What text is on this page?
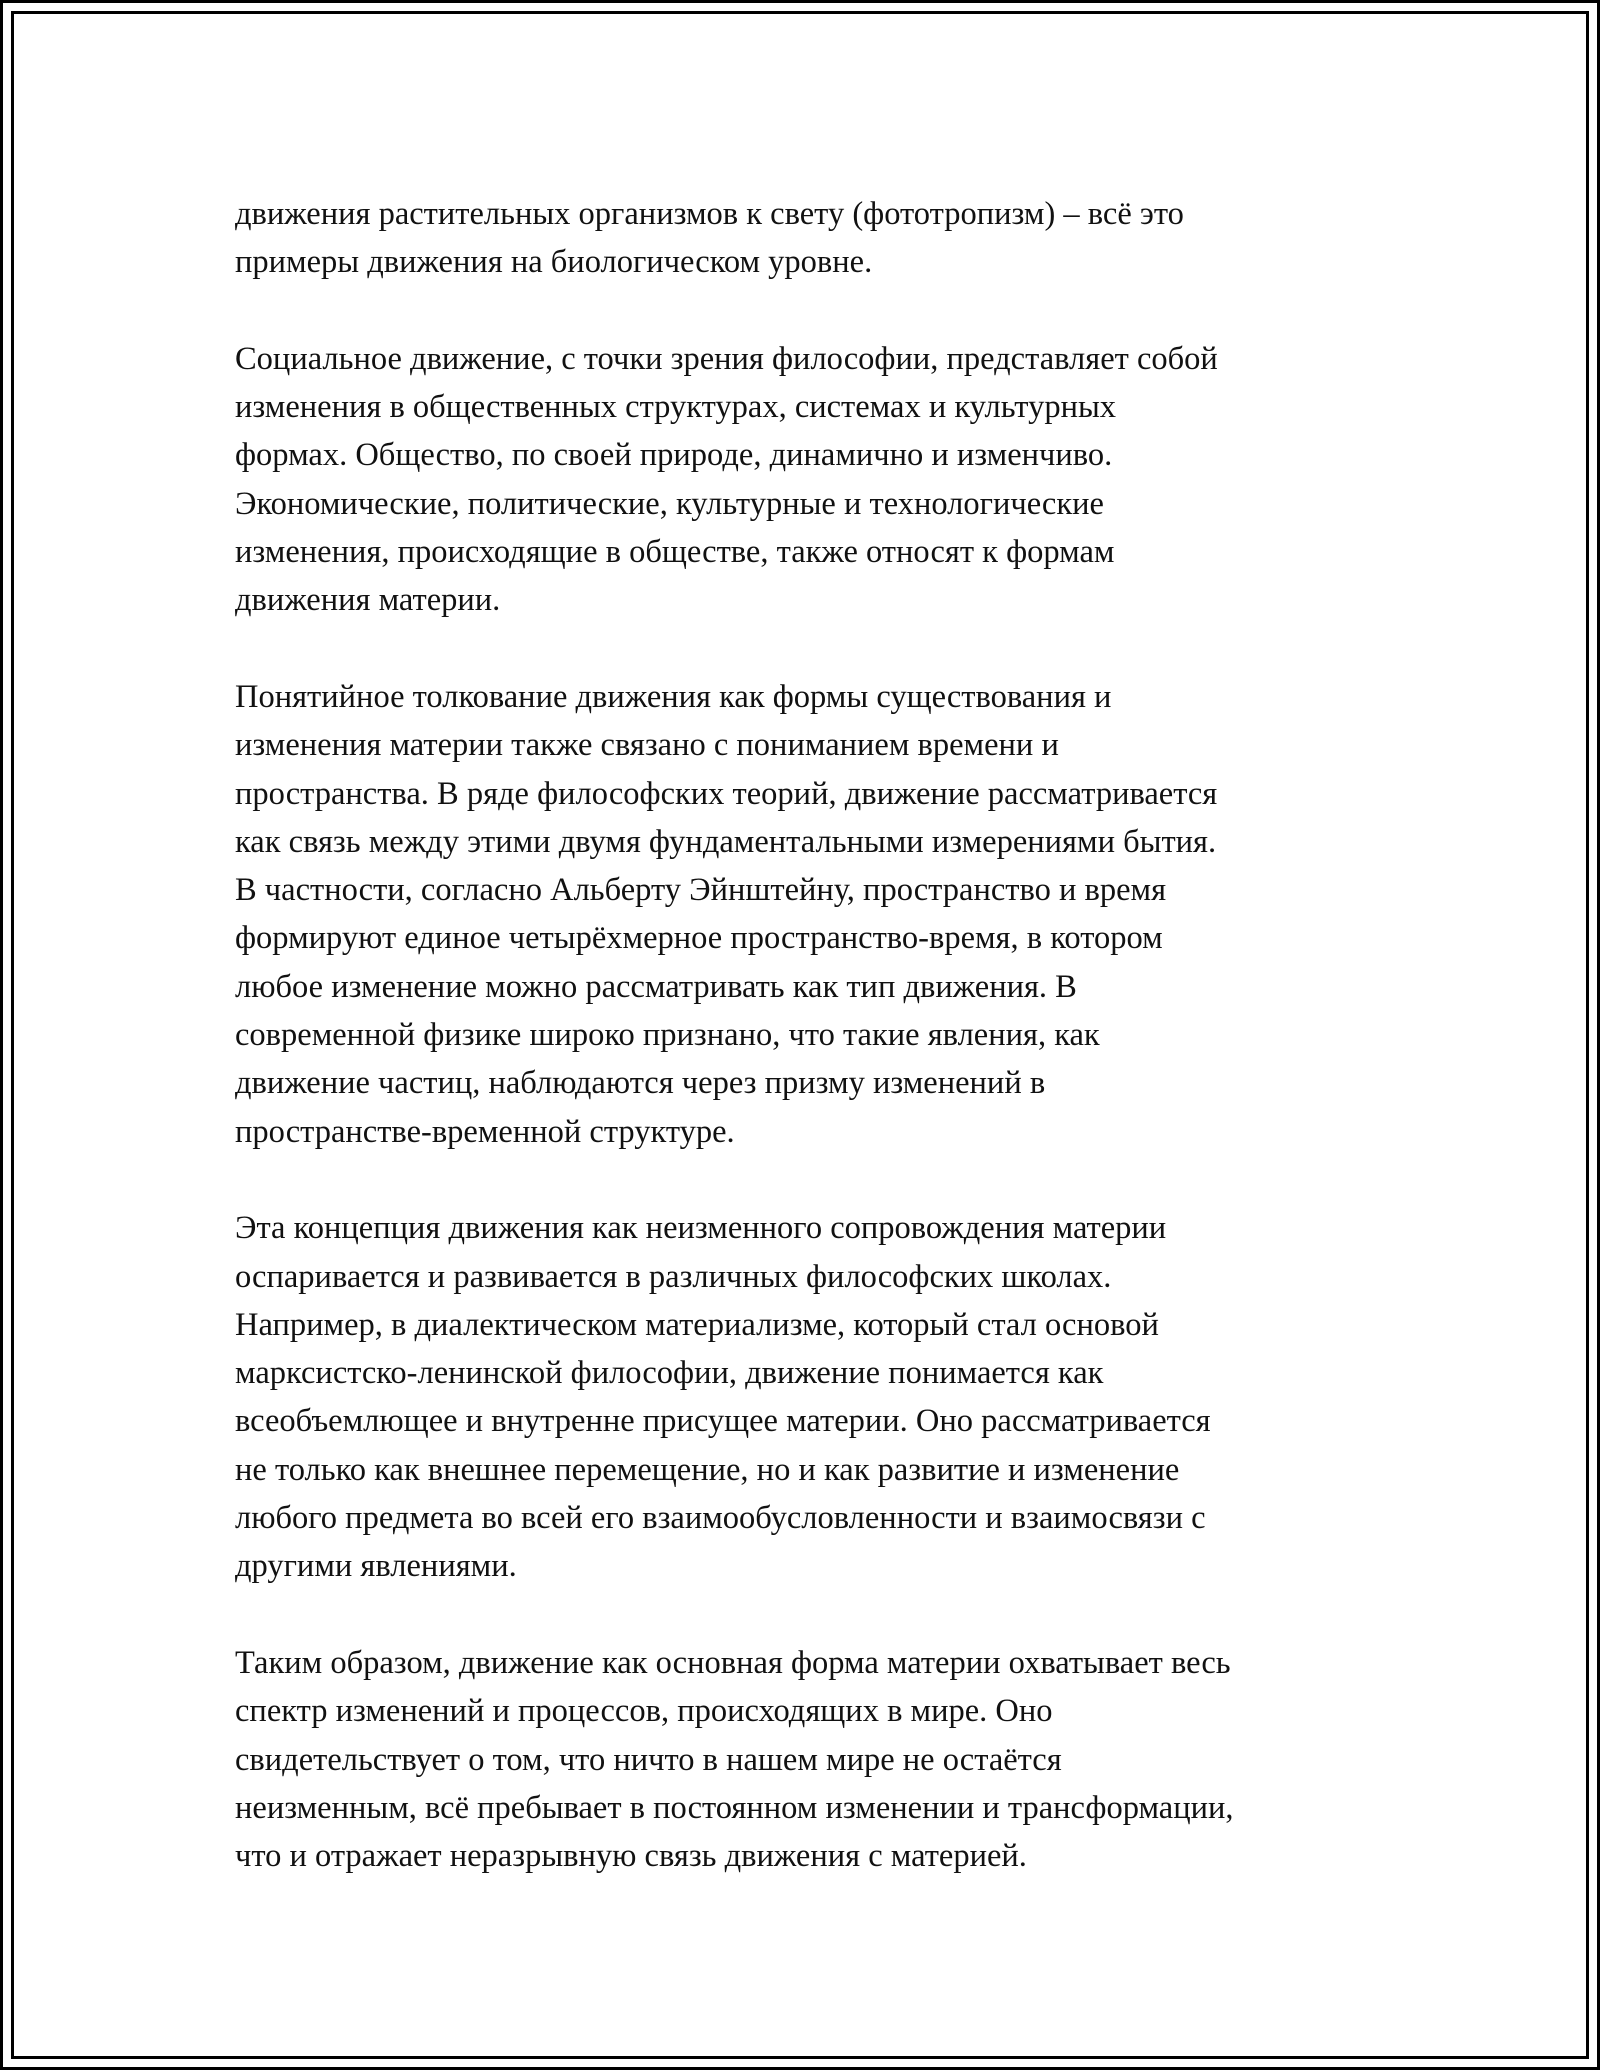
движения растительных организмов к свету (фототропизм) – всё это
примеры движения на биологическом уровне.

Социальное движение, с точки зрения философии, представляет собой
изменения в общественных структурах, системах и культурных
формах. Общество, по своей природе, динамично и изменчиво.
Экономические, политические, культурные и технологические
изменения, происходящие в обществе, также относят к формам
движения материи.

Понятийное толкование движения как формы существования и
изменения материи также связано с пониманием времени и
пространства. В ряде философских теорий, движение рассматривается
как связь между этими двумя фундаментальными измерениями бытия.
В частности, согласно Альберту Эйнштейну, пространство и время
формируют единое четырёхмерное пространство-время, в котором
любое изменение можно рассматривать как тип движения. В
современной физике широко признано, что такие явления, как
движение частиц, наблюдаются через призму изменений в
пространстве-временной структуре.

Эта концепция движения как неизменного сопровождения материи
оспаривается и развивается в различных философских школах.
Например, в диалектическом материализме, который стал основой
марксистско-ленинской философии, движение понимается как
всеобъемлющее и внутренне присущее материи. Оно рассматривается
не только как внешнее перемещение, но и как развитие и изменение
любого предмета во всей его взаимообусловленности и взаимосвязи с
другими явлениями.

Таким образом, движение как основная форма материи охватывает весь
спектр изменений и процессов, происходящих в мире. Оно
свидетельствует о том, что ничто в нашем мире не остаётся
неизменным, всё пребывает в постоянном изменении и трансформации,
что и отражает неразрывную связь движения с материей.
